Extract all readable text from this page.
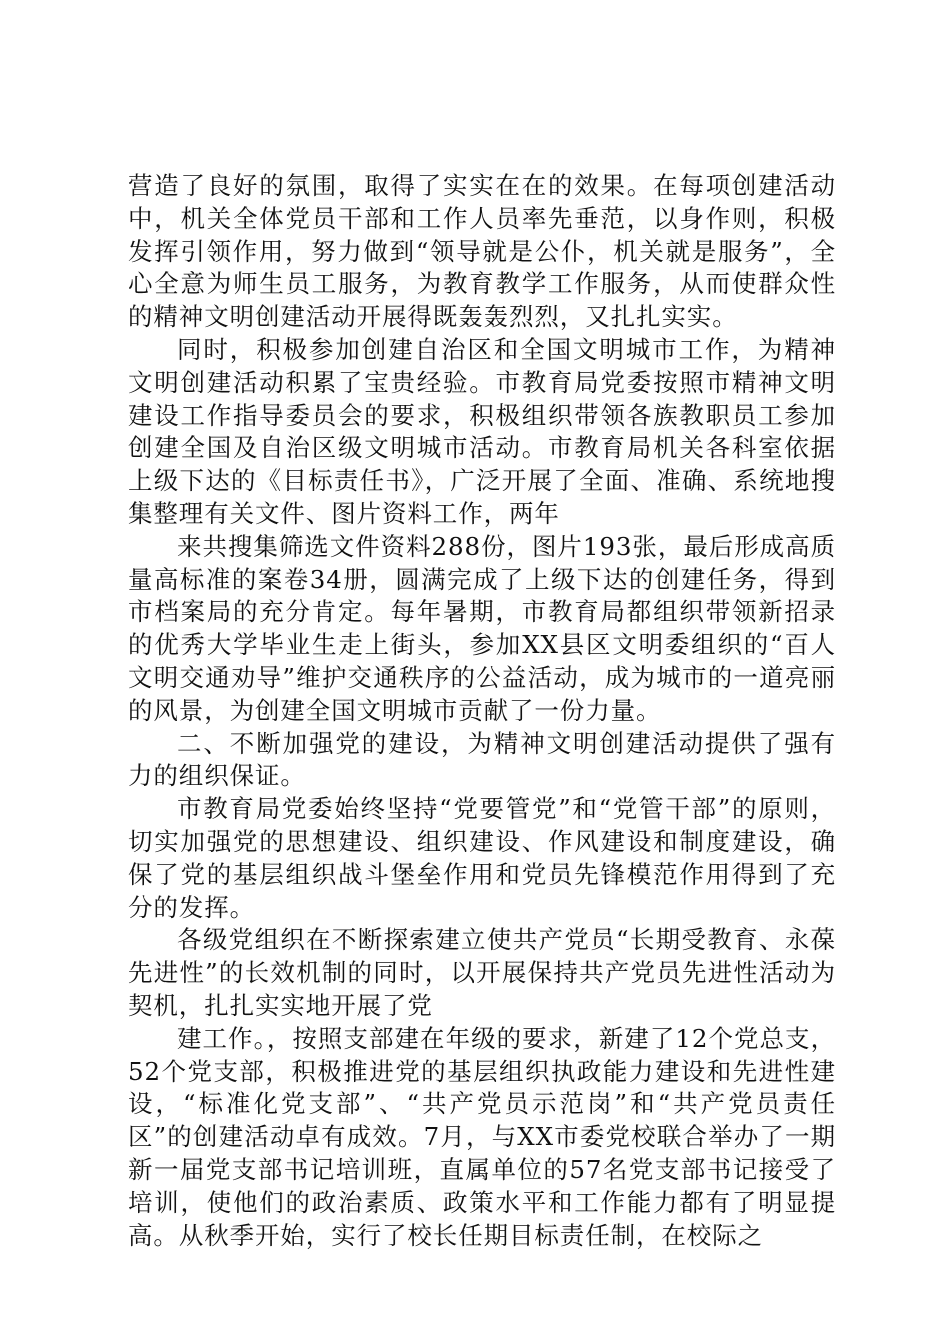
营造了良好的氛围，取得了实实在在的效果。在每项创建活动中，机关全体党员干部和工作人员率先垂范，以身作则，积极发挥引领作用，努力做到“领导就是公仆，机关就是服务”，全心全意为师生员工服务，为教育教学工作服务，从而使群众性的精神文明创建活动开展得既轰轰烈烈，又扎扎实实。

同时，积极参加创建自治区和全国文明城市工作，为精神文明创建活动积累了宝贵经验。市教育局党委按照市精神文明建设工作指导委员会的要求，积极组织带领各族教职员工参加创建全国及自治区级文明城市活动。市教育局机关各科室依据上级下达的《目标责任书》，广泛开展了全面、准确、系统地搜集整理有关文件、图片资料工作，两年

来共搜集筛选文件资料288份，图片193张，最后形成高质量高标准的案卷34册，圆满完成了上级下达的创建任务，得到市档案局的充分肯定。每年暑期，市教育局都组织带领新招录的优秀大学毕业生走上街头，参加XX县区文明委组织的“百人文明交通劝导”维护交通秩序的公益活动，成为城市的一道亮丽的风景，为创建全国文明城市贡献了一份力量。

二、不断加强党的建设，为精神文明创建活动提供了强有力的组织保证。

市教育局党委始终坚持“党要管党”和“党管干部”的原则，切实加强党的思想建设、组织建设、作风建设和制度建设，确保了党的基层组织战斗堡垒作用和党员先锋模范作用得到了充分的发挥。

各级党组织在不断探索建立使共产党员“长期受教育、永葆先进性”的长效机制的同时，以开展保持共产党员先进性活动为契机，扎扎实实地开展了党

建工作。，按照支部建在年级的要求，新建了12个党总支，52个党支部，积极推进党的基层组织执政能力建设和先进性建设，“标准化党支部”、“共产党员示范岗”和“共产党员责任区”的创建活动卓有成效。7月，与XX市委党校联合举办了一期新一届党支部书记培训班，直属单位的57名党支部书记接受了培训，使他们的政治素质、政策水平和工作能力都有了明显提高。从秋季开始，实行了校长任期目标责任制，在校际之
